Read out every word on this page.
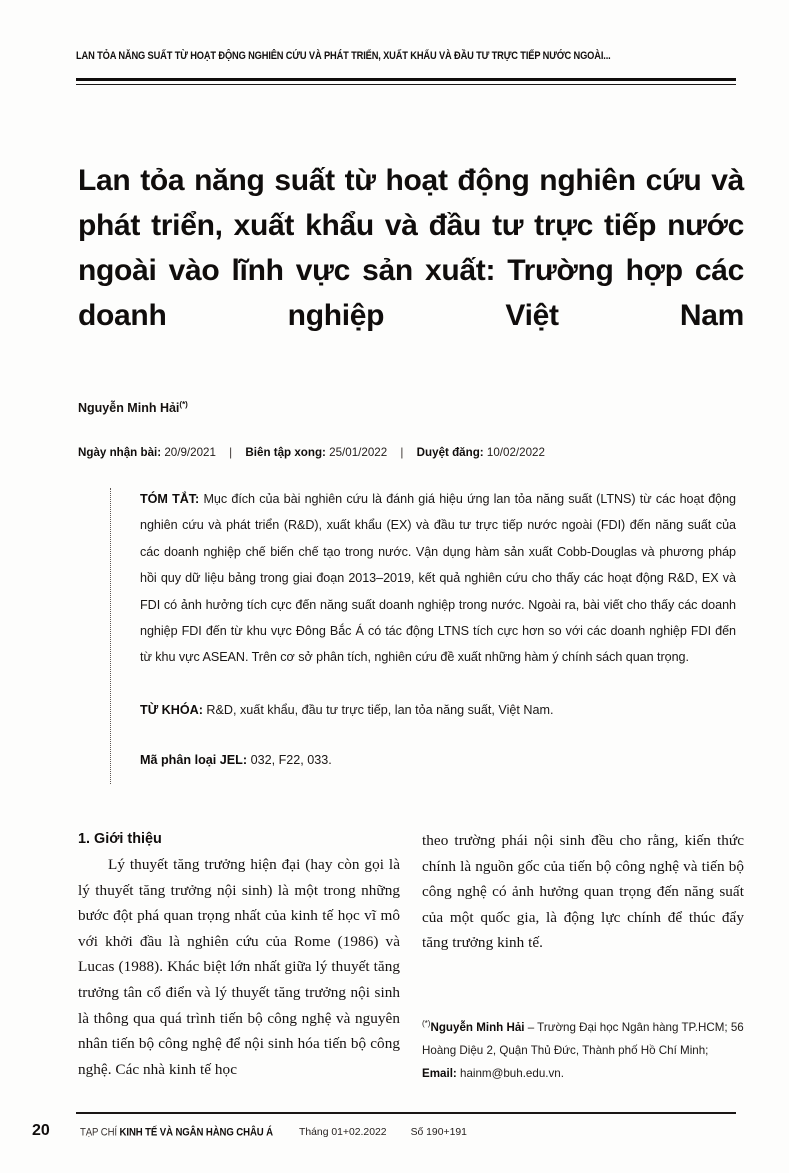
LAN TỎA NĂNG SUẤT TỪ HOẠT ĐỘNG NGHIÊN CỨU VÀ PHÁT TRIỂN, XUẤT KHẨU VÀ ĐẦU TƯ TRỰC TIẾP NƯỚC NGOÀI...
Lan tỏa năng suất từ hoạt động nghiên cứu và phát triển, xuất khẩu và đầu tư trực tiếp nước ngoài vào lĩnh vực sản xuất: Trường hợp các doanh nghiệp Việt Nam
Nguyễn Minh Hải(*)
Ngày nhận bài: 20/9/2021 | Biên tập xong: 25/01/2022 | Duyệt đăng: 10/02/2022

TÓM TẮT: Mục đích của bài nghiên cứu là đánh giá hiệu ứng lan tỏa năng suất (LTNS) từ các hoạt động nghiên cứu và phát triển (R&D), xuất khẩu (EX) và đầu tư trực tiếp nước ngoài (FDI) đến năng suất của các doanh nghiệp chế biến chế tạo trong nước. Vận dụng hàm sản xuất Cobb-Douglas và phương pháp hồi quy dữ liệu bảng trong giai đoạn 2013–2019, kết quả nghiên cứu cho thấy các hoạt động R&D, EX và FDI có ảnh hưởng tích cực đến năng suất doanh nghiệp trong nước. Ngoài ra, bài viết cho thấy các doanh nghiệp FDI đến từ khu vực Đông Bắc Á có tác động LTNS tích cực hơn so với các doanh nghiệp FDI đến từ khu vực ASEAN. Trên cơ sở phân tích, nghiên cứu đề xuất những hàm ý chính sách quan trọng.

TỪ KHÓA: R&D, xuất khẩu, đầu tư trực tiếp, lan tỏa năng suất, Việt Nam.

Mã phân loại JEL: 032, F22, 033.

1. Giới thiệu

Lý thuyết tăng trưởng hiện đại (hay còn gọi là lý thuyết tăng trưởng nội sinh) là một trong những bước đột phá quan trọng nhất của kinh tế học vĩ mô với khởi đầu là nghiên cứu của Rome (1986) và Lucas (1988). Khác biệt lớn nhất giữa lý thuyết tăng trưởng tân cổ điển và lý thuyết tăng trưởng nội sinh là thông qua quá trình tiến bộ công nghệ và nguyên nhân tiến bộ công nghệ để nội sinh hóa tiến bộ công nghệ. Các nhà kinh tế học

theo trường phái nội sinh đều cho rằng, kiến thức chính là nguồn gốc của tiến bộ công nghệ và tiến bộ công nghệ có ảnh hưởng quan trọng đến năng suất của một quốc gia, là động lực chính để thúc đẩy tăng trưởng kinh tế.

(*)Nguyễn Minh Hải – Trường Đại học Ngân hàng TP.HCM; 56 Hoàng Diệu 2, Quận Thủ Đức, Thành phố Hồ Chí Minh; Email: hainm@buh.edu.vn.
20	TẠP CHÍ KINH TẾ VÀ NGÂN HÀNG CHÂU Á	Tháng 01+02.2022 Số 190+191
